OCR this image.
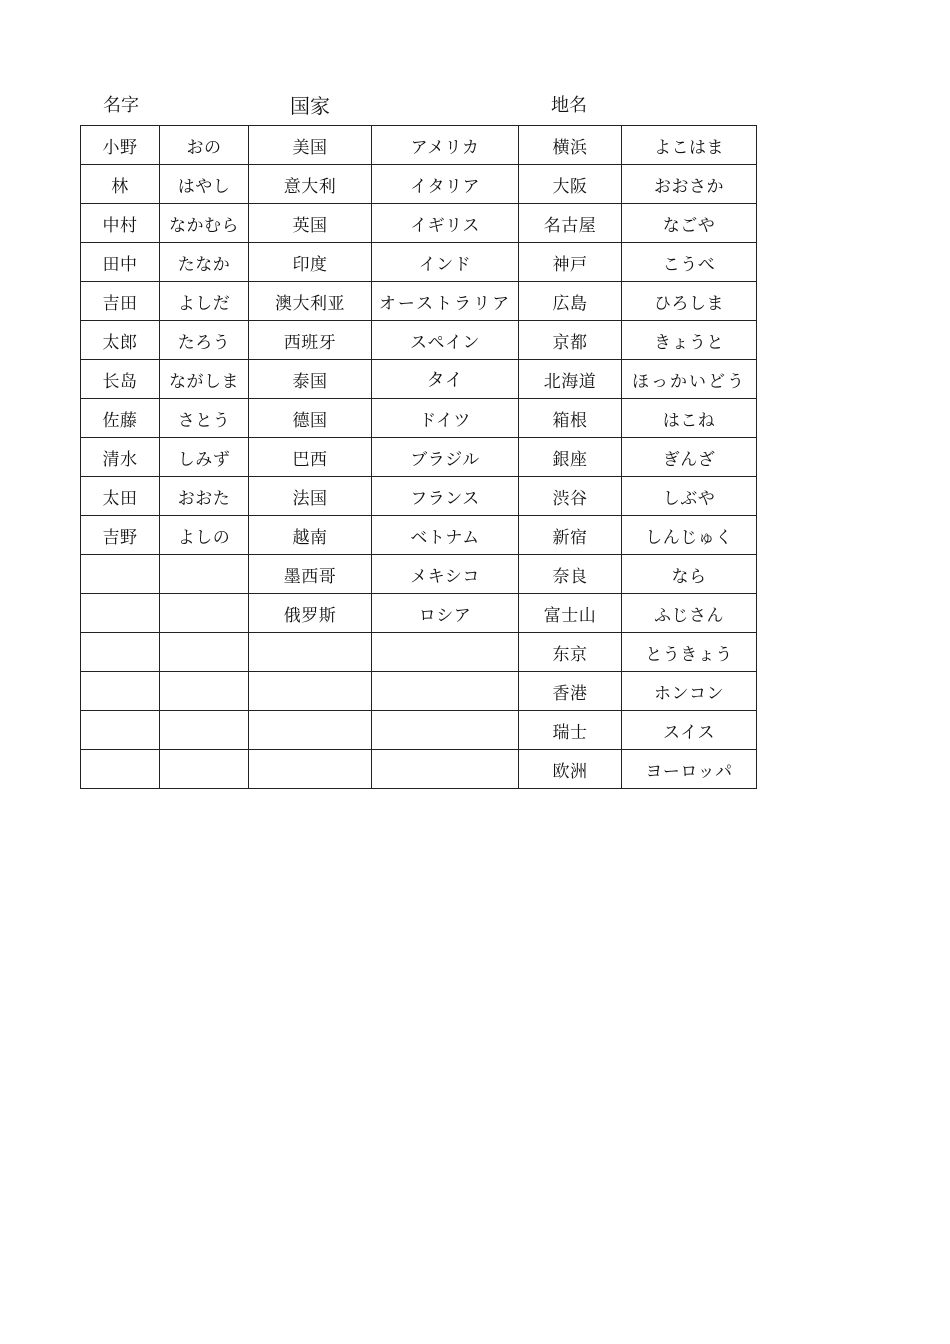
名字	国家	地名
小野	おの	美国	アメリカ	横浜	よこはま
林	はやし	意大利	イタリア	大阪	おおさか
中村	なかむら	英国	イギリス	名古屋	なごや
田中	たなか	印度	インド	神戸	こうべ
吉田	よしだ	澳大利亚	オーストラリア	広島	ひろしま
太郎	たろう	西班牙	スペイン	京都	きょうと
长岛	ながしま	泰国	タイ	北海道	ほっかいどう
佐藤	さとう	德国	ドイツ	箱根	はこね
清水	しみず	巴西	ブラジル	銀座	ぎんざ
太田	おおた	法国	フランス	渋谷	しぶや
吉野	よしの	越南	ベトナム	新宿	しんじゅく
		墨西哥	メキシコ	奈良	なら
		俄罗斯	ロシア	富士山	ふじさん
				东京	とうきょう
				香港	ホンコン
				瑞士	スイス
				欧洲	ヨーロッパ
